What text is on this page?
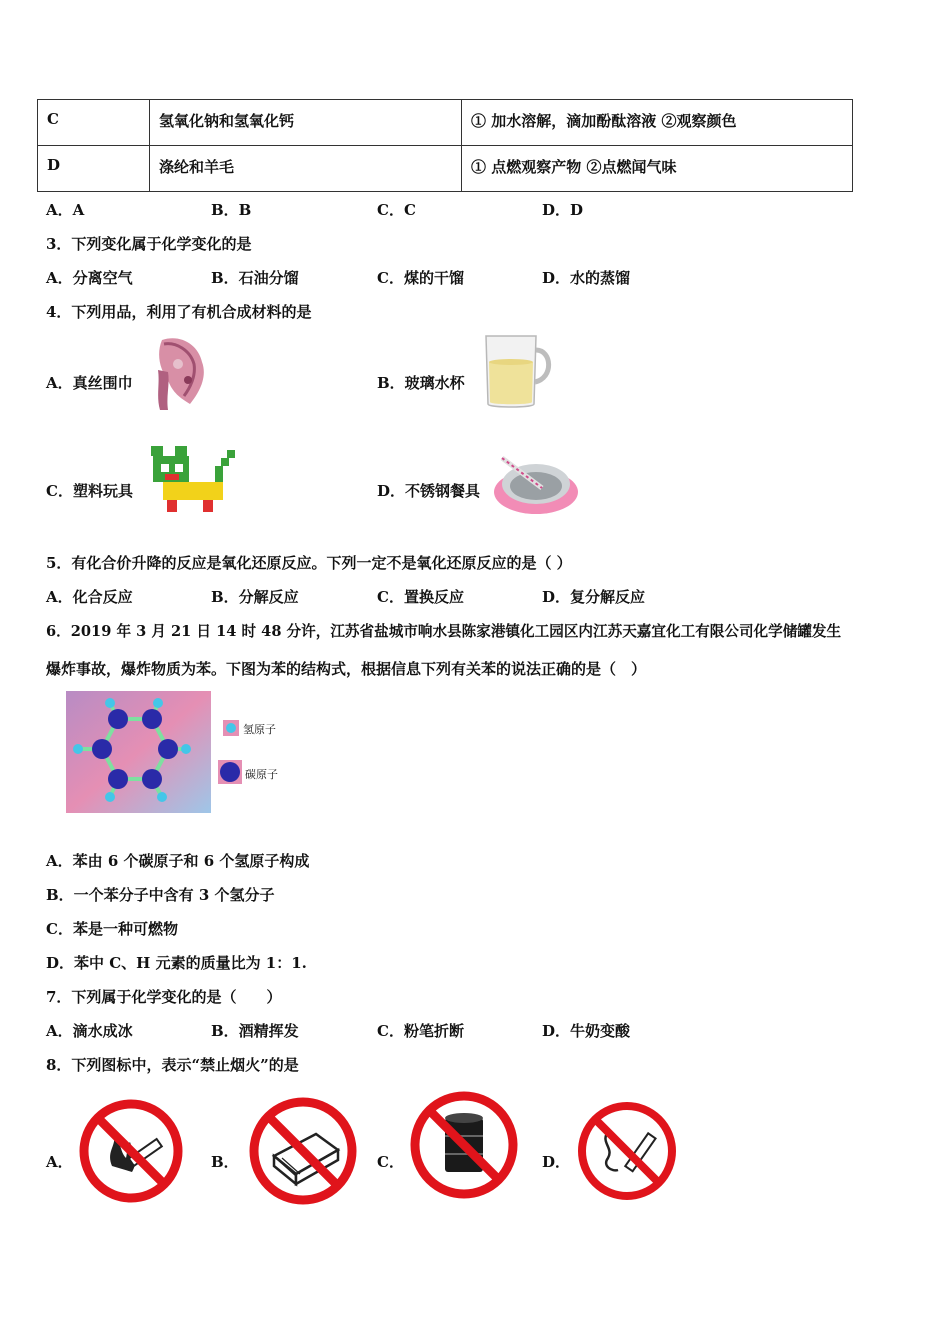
C	氢氧化钠和氢氧化钙	① 加水溶解，滴加酚酞溶液 ②观察颜色
D	涤纶和羊毛	① 点燃观察产物 ②点燃闻气味
A．A	B．B	C．C	D．D
3．下列变化属于化学变化的是
A．分离空气	B．石油分馏	C．煤的干馏	D．水的蒸馏
4．下列用品，利用了有机合成材料的是
A．真丝围巾	B．玻璃水杯
C．塑料玩具	D．不锈钢餐具
5．有化合价升降的反应是氧化还原反应。下列一定不是氧化还原反应的是（ ）
A．化合反应	B．分解反应	C．置换反应	D．复分解反应
6．2019 年 3 月 21 日 14 时 48 分许，江苏省盐城市响水县陈家港镇化工园区内江苏天嘉宜化工有限公司化学储罐发生
爆炸事故，爆炸物质为苯。下图为苯的结构式，根据信息下列有关苯的说法正确的是（　）
氢原子
碳原子
A．苯由 6 个碳原子和 6 个氢原子构成
B．一个苯分子中含有 3 个氢分子
C．苯是一种可燃物
D．苯中 C、H 元素的质量比为 1：1.
7．下列属于化学变化的是（　　）
A．滴水成冰	B．酒精挥发	C．粉笔折断	D．牛奶变酸
8．下列图标中，表示“禁止烟火”的是
A．	B．	C．	D．
